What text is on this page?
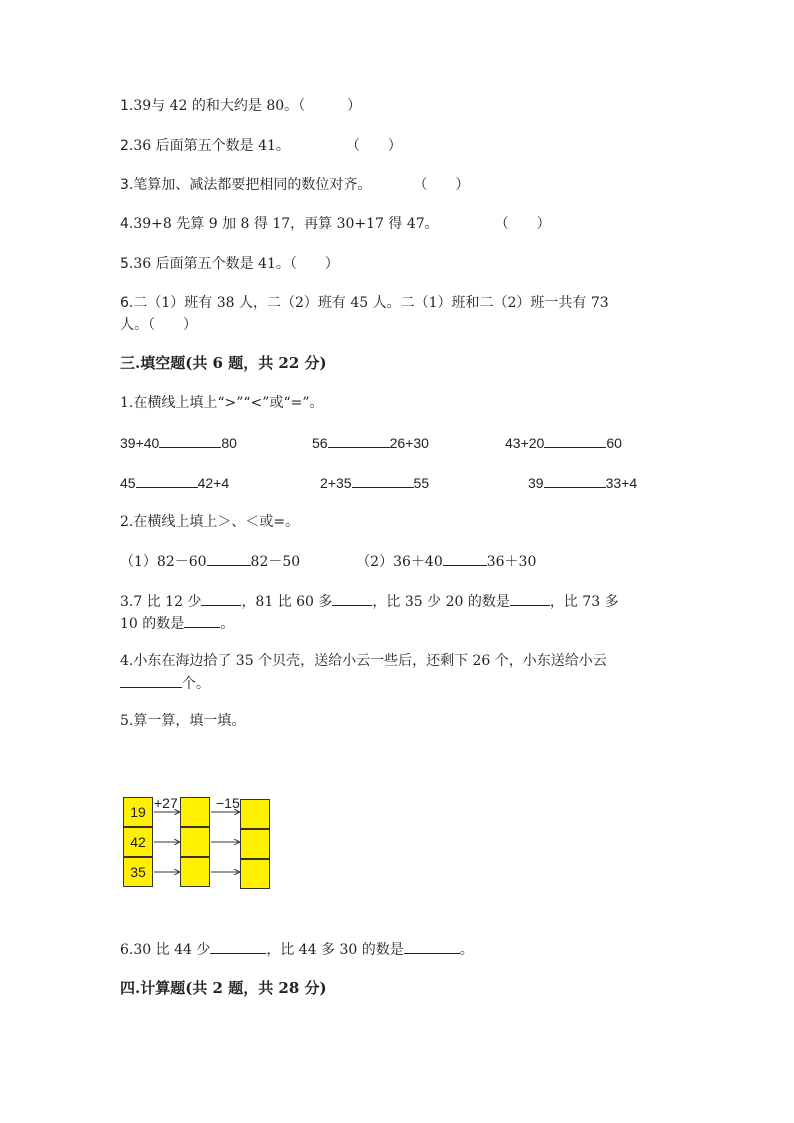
1.39与 42 的和大约是 80。（　　　）
2.36 后面第五个数是 41。　　　　　（　　）
3.笔算加、减法都要把相同的数位对齐。　　　　（　　）
4.39+8 先算 9 加 8 得 17，再算 30+17 得 47。　　　　　（　　）
5.36 后面第五个数是 41。（　　）
6.二（1）班有 38 人，二（2）班有 45 人。二（1）班和二（2）班一共有 73
人。（　　）
三.填空题(共 6 题，共 22 分)
1.在横线上填上“>”“<”或“=”。
39+40	80	56	26+30	43+20	60
45	42+4	2+35	55	39	33+4
2.在横线上填上＞、＜或=。
（1）82－60	82－50	（2）36＋40	36＋30
3.7 比 12 少	，81 比 60 多	，比 35 少 20 的数是	，比 73 多
10 的数是	。
4.小东在海边拾了 35 个贝壳，送给小云一些后，还剩下 26 个，小东送给小云
个。
5.算一算，填一填。
+27	−15
19
42
35
6.30 比 44 少	，比 44 多 30 的数是	。
四.计算题(共 2 题，共 28 分)
